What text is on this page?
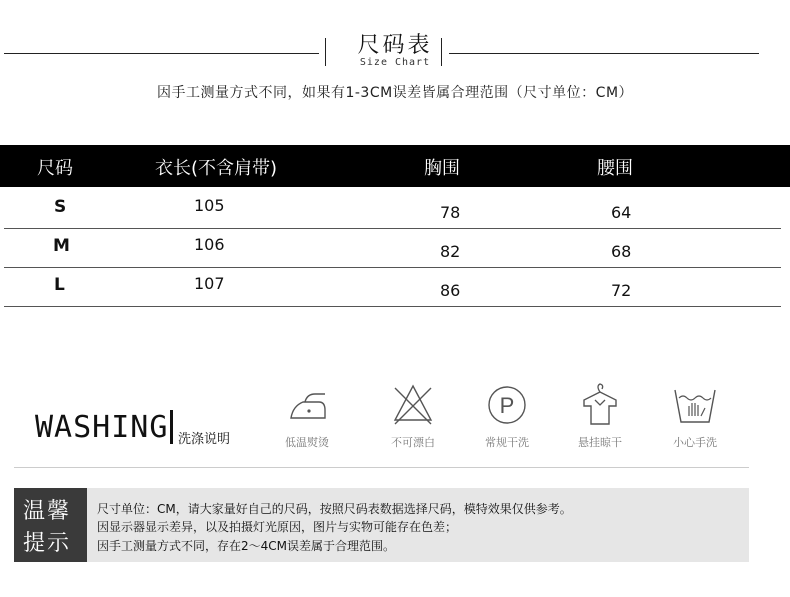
尺码表
Size Chart
因手工测量方式不同，如果有1-3CM误差皆属合理范围（尺寸单位：CM）
尺码	衣长(不含肩带)	胸围	腰围
S	105	78	64
M	106	82	68
L	107	86	72
WASHING 洗涤说明	低温熨烫	不可漂白
P
常规干洗	悬挂晾干	小心手洗
温馨
提示
尺寸单位：CM，请大家量好自己的尺码，按照尺码表数据选择尺码，模特效果仅供参考。
因显示器显示差异，以及拍摄灯光原因，图片与实物可能存在色差；
因手工测量方式不同，存在2～4CM误差属于合理范围。
